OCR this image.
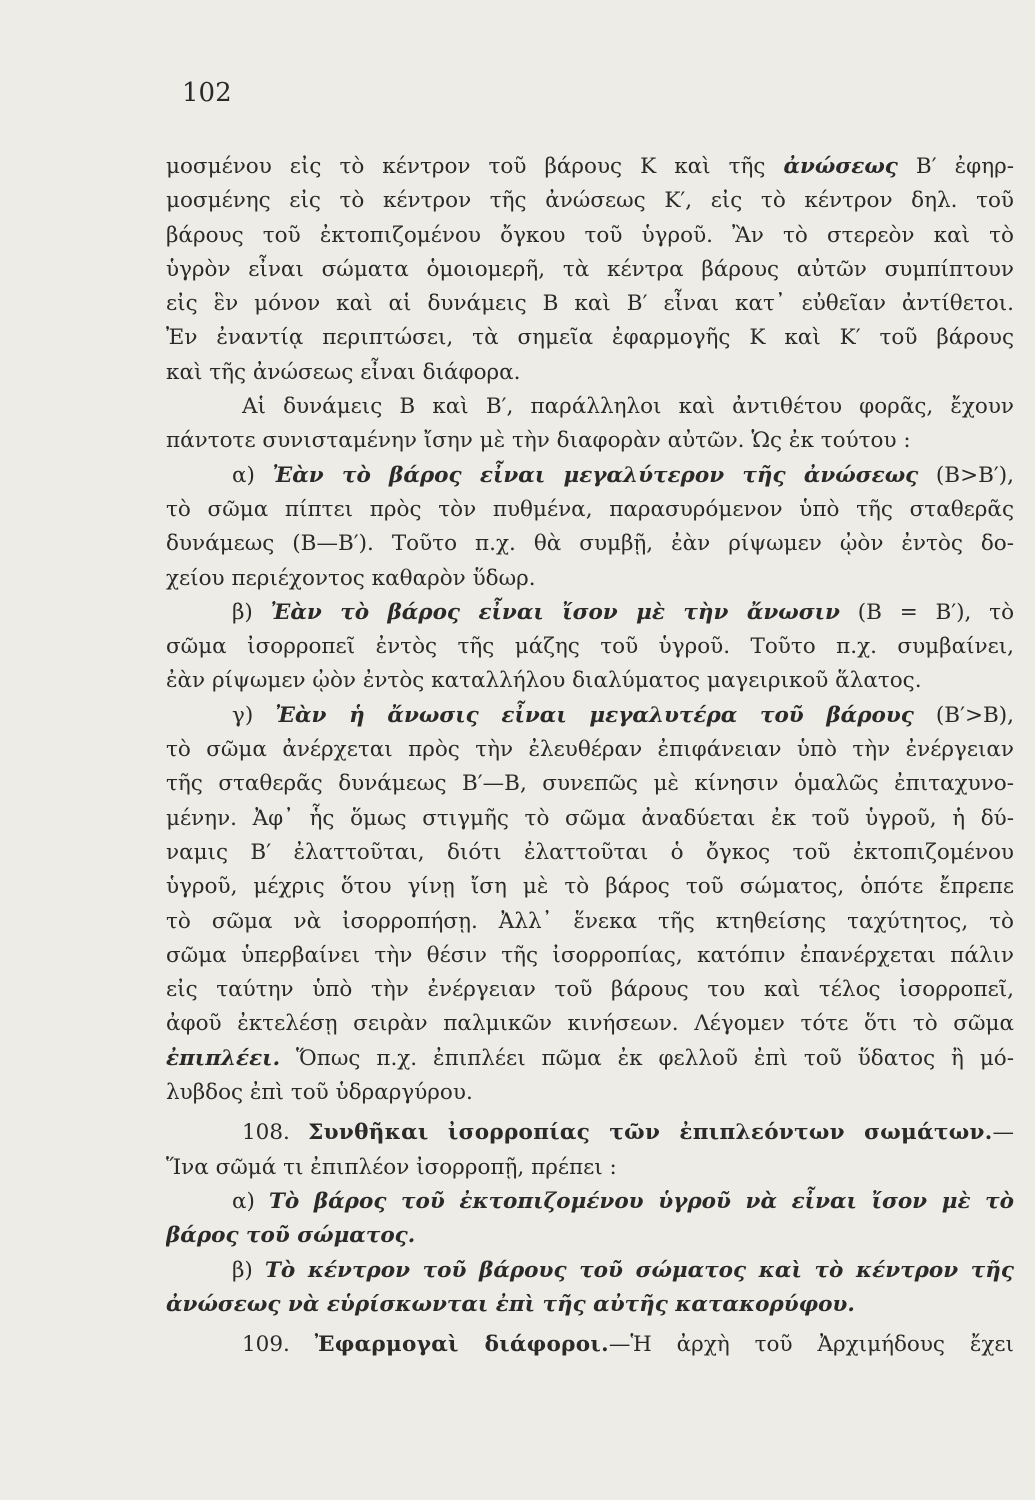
102
μοσμένου εἰς τὸ κέντρον τοῦ βάρους Κ καὶ τῆς ἀνώσεως Β′ ἐφηρ-
μοσμένης εἰς τὸ κέντρον τῆς ἀνώσεως Κ′, εἰς τὸ κέντρον δηλ. τοῦ
βάρους τοῦ ἐκτοπιζομένου ὄγκου τοῦ ὑγροῦ. Ἂν τὸ στερεὸν καὶ τὸ
ὑγρὸν εἶναι σώματα ὁμοιομερῆ, τὰ κέντρα βάρους αὐτῶν συμπίπτουν
εἰς ἓν μόνον καὶ αἱ δυνάμεις Β καὶ Β′ εἶναι κατ᾽ εὐθεῖαν ἀντίθετοι.
Ἐν ἐναντίᾳ περιπτώσει, τὰ σημεῖα ἐφαρμογῆς Κ καὶ Κ′ τοῦ βάρους
καὶ τῆς ἀνώσεως εἶναι διάφορα.
Αἱ δυνάμεις Β καὶ Β′, παράλληλοι καὶ ἀντιθέτου φορᾶς, ἔχουν
πάντοτε συνισταμένην ἴσην μὲ τὴν διαφορὰν αὐτῶν. Ὡς ἐκ τούτου :
α) Ἐὰν τὸ βάρος εἶναι μεγαλύτερον τῆς ἀνώσεως (Β>Β′),
τὸ σῶμα πίπτει πρὸς τὸν πυθμένα, παρασυρόμενον ὑπὸ τῆς σταθερᾶς
δυνάμεως (Β—Β′). Τοῦτο π.χ. θὰ συμβῇ, ἐὰν ρίψωμεν ᾠὸν ἐντὸς δο-
χείου περιέχοντος καθαρὸν ὕδωρ.
β) Ἐὰν τὸ βάρος εἶναι ἴσον μὲ τὴν ἄνωσιν (Β = Β′), τὸ
σῶμα ἰσορροπεῖ ἐντὸς τῆς μάζης τοῦ ὑγροῦ. Τοῦτο π.χ. συμβαίνει,
ἐὰν ρίψωμεν ᾠὸν ἐντὸς καταλλήλου διαλύματος μαγειρικοῦ ἅλατος.
γ) Ἐὰν ἡ ἄνωσις εἶναι μεγαλυτέρα τοῦ βάρους (Β′>Β),
τὸ σῶμα ἀνέρχεται πρὸς τὴν ἐλευθέραν ἐπιφάνειαν ὑπὸ τὴν ἐνέργειαν
τῆς σταθερᾶς δυνάμεως Β′—Β, συνεπῶς μὲ κίνησιν ὁμαλῶς ἐπιταχυνο-
μένην. Ἀφ᾽ ἧς ὅμως στιγμῆς τὸ σῶμα ἀναδύεται ἐκ τοῦ ὑγροῦ, ἡ δύ-
ναμις Β′ ἐλαττοῦται, διότι ἐλαττοῦται ὁ ὄγκος τοῦ ἐκτοπιζομένου
ὑγροῦ, μέχρις ὅτου γίνῃ ἴση μὲ τὸ βάρος τοῦ σώματος, ὁπότε ἔπρεπε
τὸ σῶμα νὰ ἰσορροπήσῃ. Ἀλλ᾽ ἕνεκα τῆς κτηθείσης ταχύτητος, τὸ
σῶμα ὑπερβαίνει τὴν θέσιν τῆς ἰσορροπίας, κατόπιν ἐπανέρχεται πάλιν
εἰς ταύτην ὑπὸ τὴν ἐνέργειαν τοῦ βάρους του καὶ τέλος ἰσορροπεῖ,
ἀφοῦ ἐκτελέσῃ σειρὰν παλμικῶν κινήσεων. Λέγομεν τότε ὅτι τὸ σῶμα
ἐπιπλέει. Ὅπως π.χ. ἐπιπλέει πῶμα ἐκ φελλοῦ ἐπὶ τοῦ ὕδατος ἢ μό-
λυβδος ἐπὶ τοῦ ὑδραργύρου.
108. Συνθῆκαι ἰσορροπίας τῶν ἐπιπλεόντων σωμάτων.—
Ἵνα σῶμά τι ἐπιπλέον ἰσορροπῇ, πρέπει :
α) Τὸ βάρος τοῦ ἐκτοπιζομένου ὑγροῦ νὰ εἶναι ἴσον μὲ τὸ
βάρος τοῦ σώματος.
β) Τὸ κέντρον τοῦ βάρους τοῦ σώματος καὶ τὸ κέντρον τῆς
ἀνώσεως νὰ εὑρίσκωνται ἐπὶ τῆς αὐτῆς κατακορύφου.
109. Ἐφαρμογαὶ διάφοροι.—Ἡ ἀρχὴ τοῦ Ἀρχιμήδους ἔχει
